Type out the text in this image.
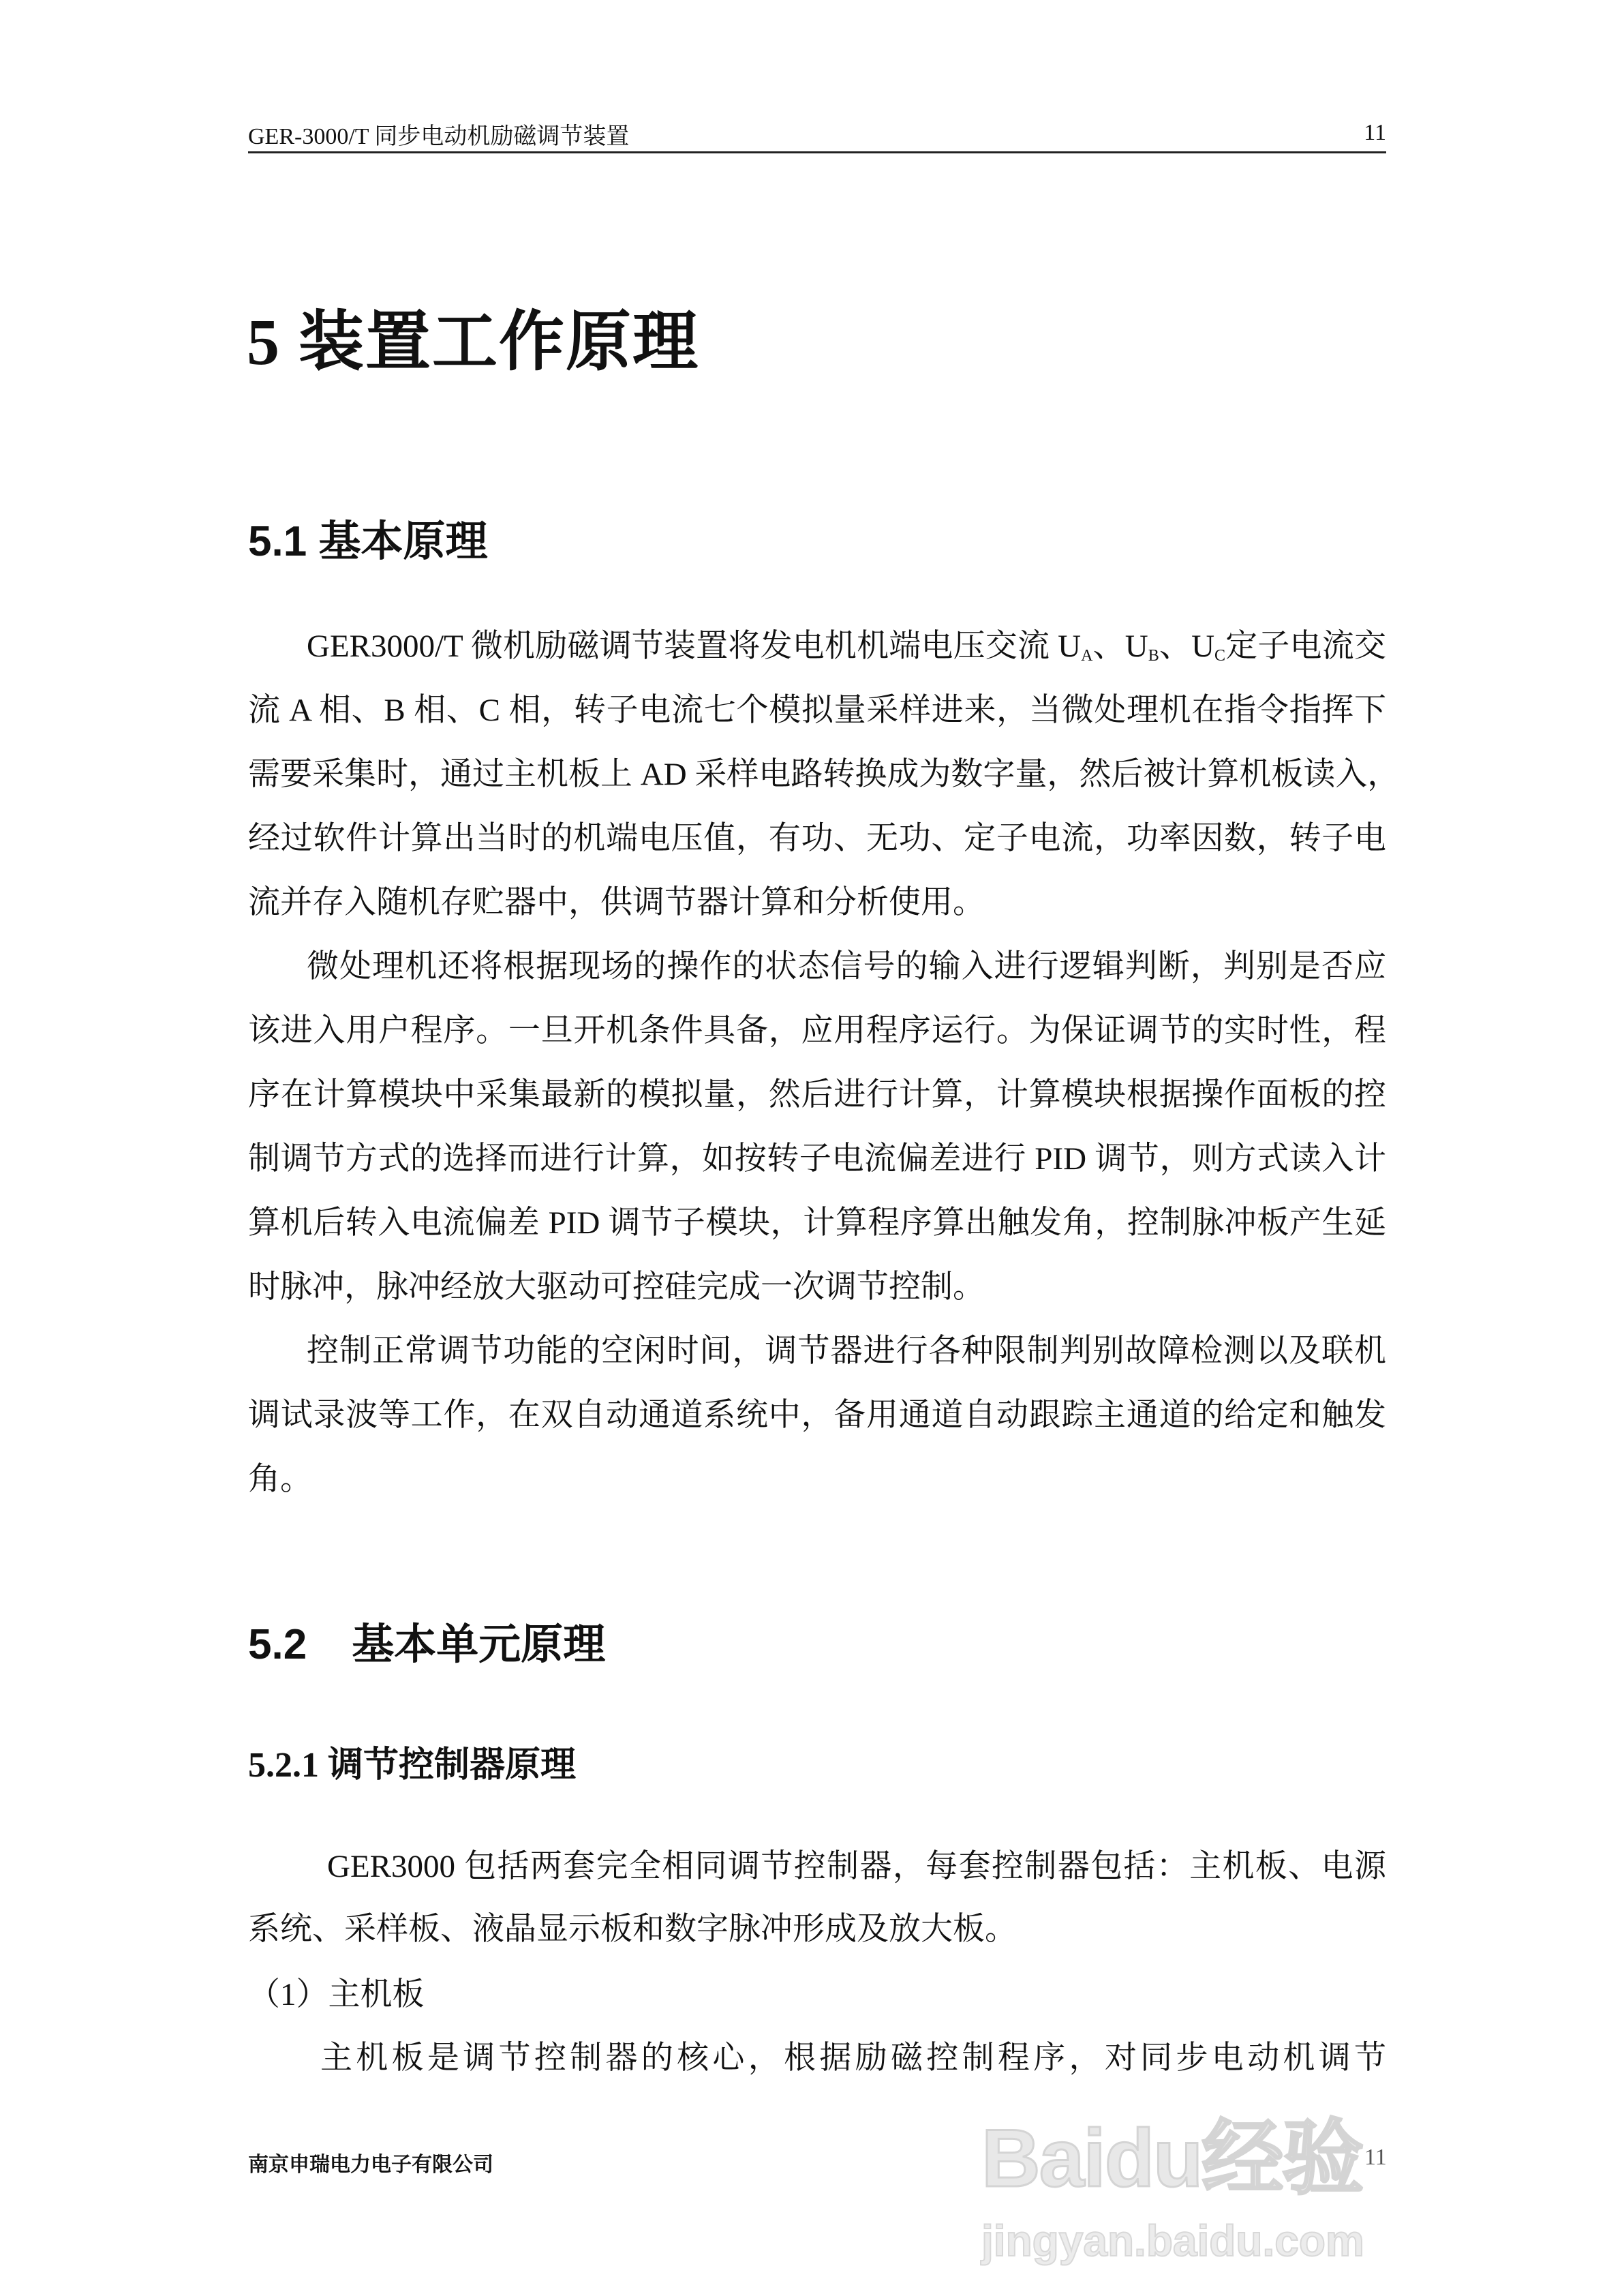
GER-3000/T 同步电动机励磁调节装置	11
5 装置工作原理
5.1 基本原理
GER3000/T 微机励磁调节装置将发电机机端电压交流 $U_A$、$U_B$、$U_C$定子电流交
流 A 相、B 相、C 相，转子电流七个模拟量采样进来，当微处理机在指令指挥下
需要采集时，通过主机板上 AD 采样电路转换成为数字量，然后被计算机板读入，
经过软件计算出当时的机端电压值，有功、无功、定子电流，功率因数，转子电
流并存入随机存贮器中，供调节器计算和分析使用。
微处理机还将根据现场的操作的状态信号的输入进行逻辑判断，判别是否应
该进入用户程序。一旦开机条件具备，应用程序运行。为保证调节的实时性，程
序在计算模块中采集最新的模拟量，然后进行计算，计算模块根据操作面板的控
制调节方式的选择而进行计算，如按转子电流偏差进行 PID 调节，则方式读入计
算机后转入电流偏差 PID 调节子模块，计算程序算出触发角，控制脉冲板产生延
时脉冲，脉冲经放大驱动可控硅完成一次调节控制。
控制正常调节功能的空闲时间，调节器进行各种限制判别故障检测以及联机
调试录波等工作，在双自动通道系统中，备用通道自动跟踪主通道的给定和触发
角。
5.2 基本单元原理
5.2.1 调节控制器原理
GER3000 包括两套完全相同调节控制器，每套控制器包括：主机板、电源
系统、采样板、液晶显示板和数字脉冲形成及放大板。
（1）主机板
主机板是调节控制器的核心，根据励磁控制程序，对同步电动机调节
Baidu经验
jingyan.baidu.com
南京申瑞电力电子有限公司	11
